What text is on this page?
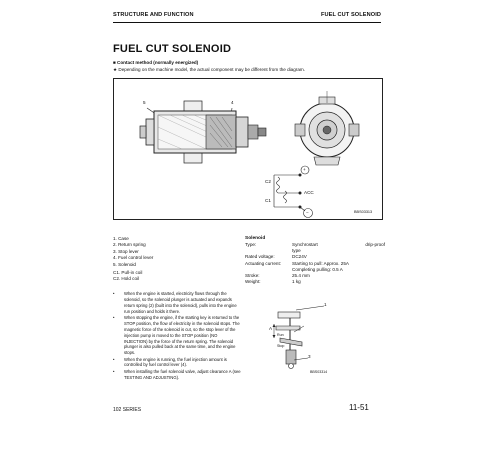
STRUCTURE AND FUNCTION	FUEL CUT SOLENOID
FUEL CUT SOLENOID
■ Contact method (normally energized)
★ Depending on the machine model, the actual component may be different from the diagram.
5	4
C2
C1
ACC
+
−	BBS03313
1. Case
2. Return spring
3. Stop lever
4. Fuel control lever
5. Solenoid
C1. Pull-in coil
C2. Hold coil
• When the engine is started, electricity flows through the solenoid, so the solenoid plunger is actuated and expands return spring (2) (built into the solenoid), pulls into the engine run position and holds it there.
• When stopping the engine, if the starting key is returned to the STOP position, the flow of electricity in the solenoid stops. The magnetic force of the solenoid is cut, so the stop lever of the injection pump is moved to the STOP position (NO INJECTION) by the force of the return spring. The solenoid plunger is also pulled back at the same time, and the engine stops.
• When the engine is running, the fuel injection amount is controlled by fuel control lever (4).
• When installing the fuel solenoid valve, adjust clearance A (see TESTING AND ADJUSTING).
Solenoid
Type:	Synchrostart drip-proof
type
Rated voltage:	DC24V
Actuating current:	Starting to pull: Approx. 25A
Completing pulling: 0.5 A
Stroke:	25.4 mm
Weight:	1 kg
1
A
3
Run
Stop
BBS03314
102 SERIES	11-51
